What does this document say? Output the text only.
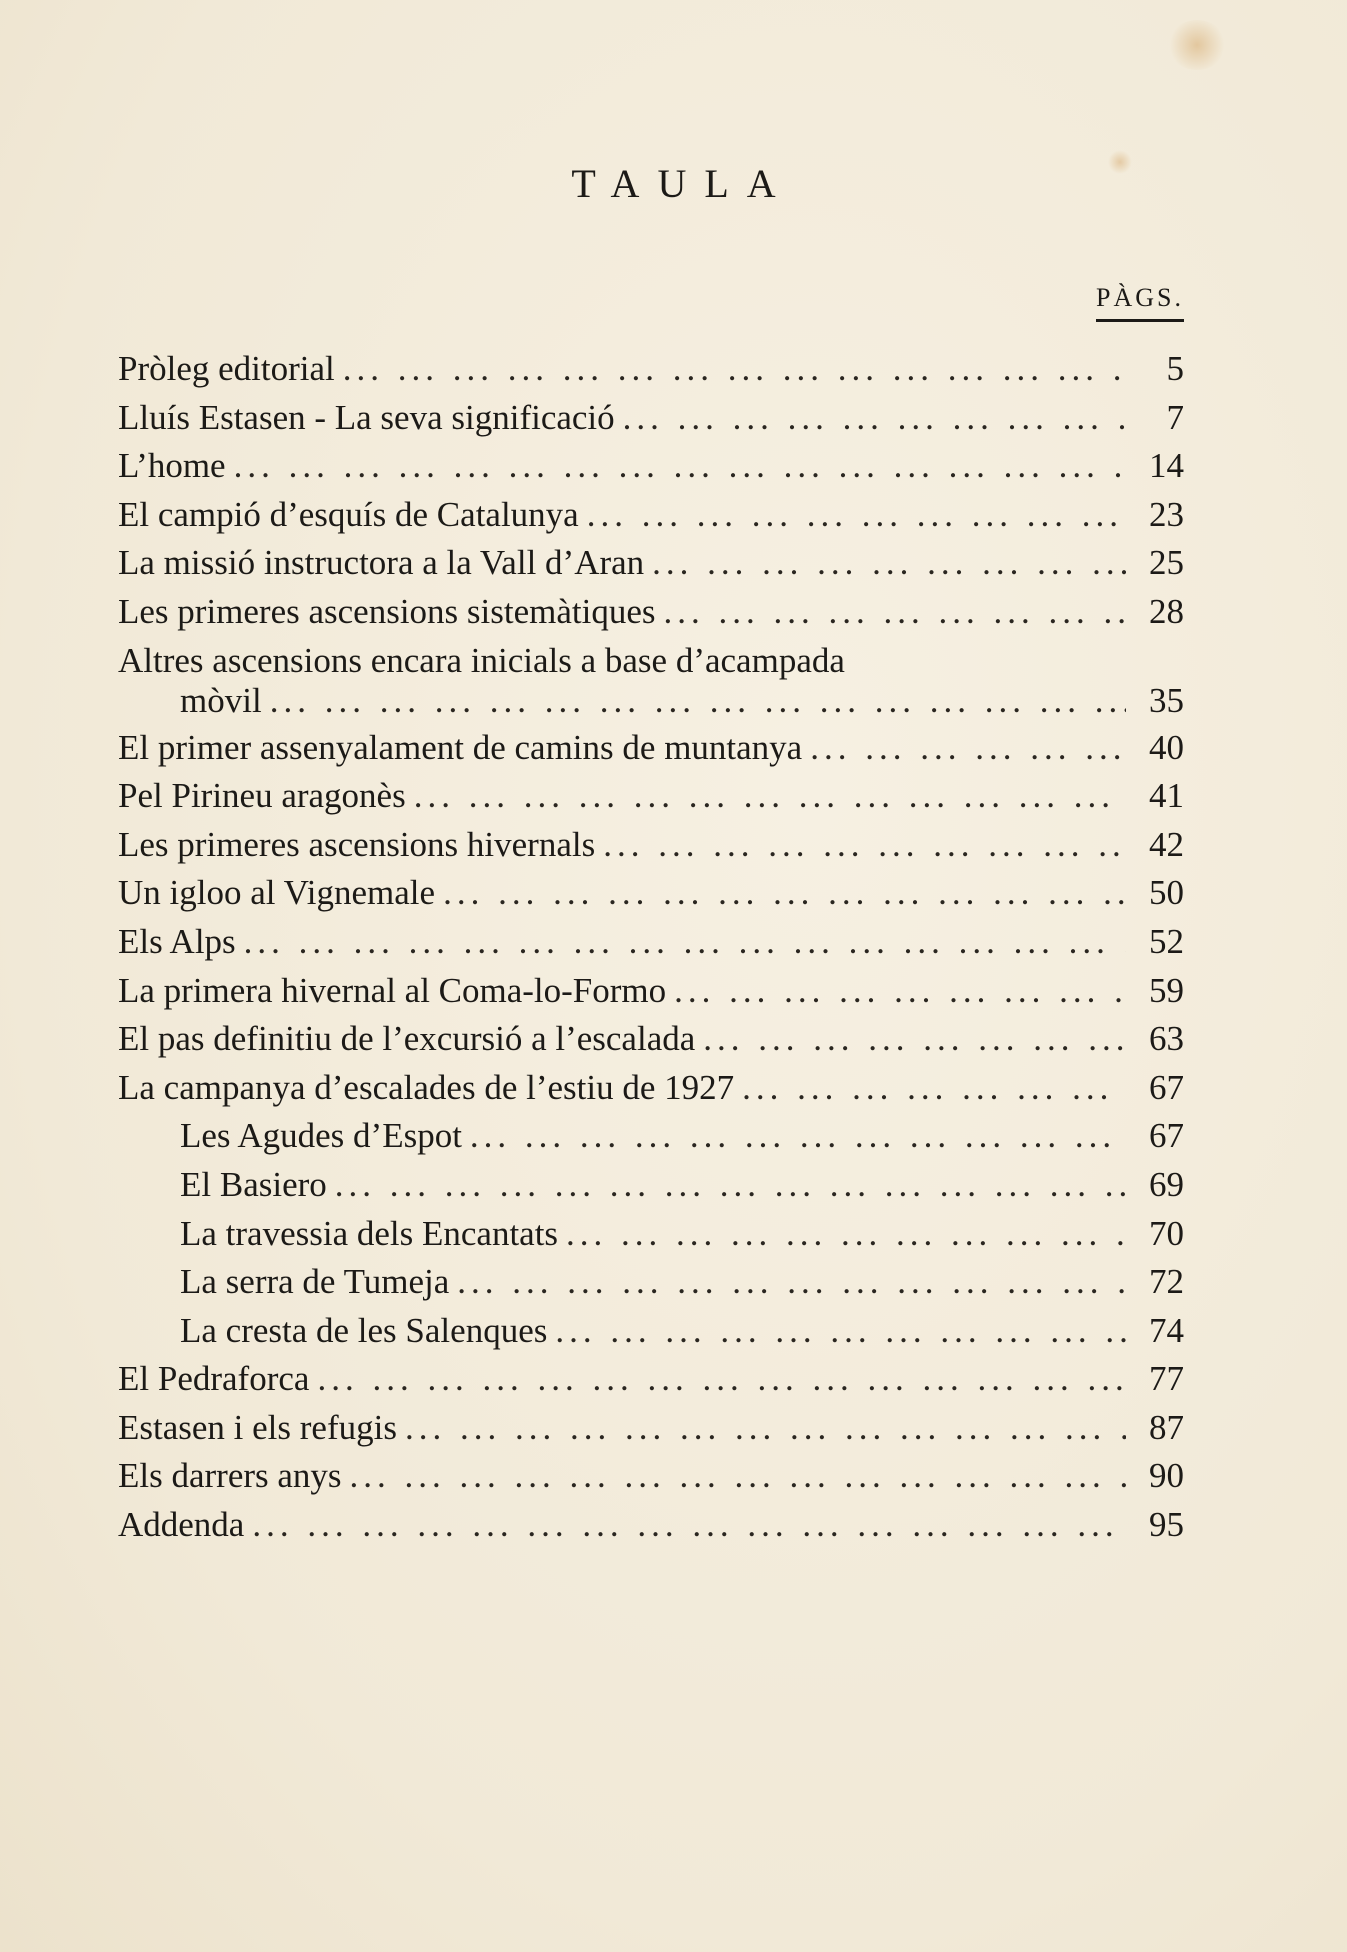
TAULA
PÀGS.
Pròleg editorial ... .	5
Lluís Estasen - La seva significació ... .	7
L’home ... .	14
El campió d’esquís de Catalunya ... .	23
La missió instructora a la Vall d’Aran ... .	25
Les primeres ascensions sistemàtiques ... .	28
Altres ascensions encara inicials a base d’acampada
mòvil ... .	35
El primer assenyalament de camins de muntanya ... .	40
Pel Pirineu aragonès ... .	41
Les primeres ascensions hivernals ... .	42
Un igloo al Vignemale ... .	50
Els Alps ... .	52
La primera hivernal al Coma-lo-Formo ... .	59
El pas definitiu de l’excursió a l’escalada ... .	63
La campanya d’escalades de l’estiu de 1927 ... .	67
Les Agudes d’Espot ... .	67
El Basiero ... .	69
La travessia dels Encantats ... .	70
La serra de Tumeja ... .	72
La cresta de les Salenques ... .	74
El Pedraforca ... .	77
Estasen i els refugis ... .	87
Els darrers anys ... .	90
Addenda ... .	95
